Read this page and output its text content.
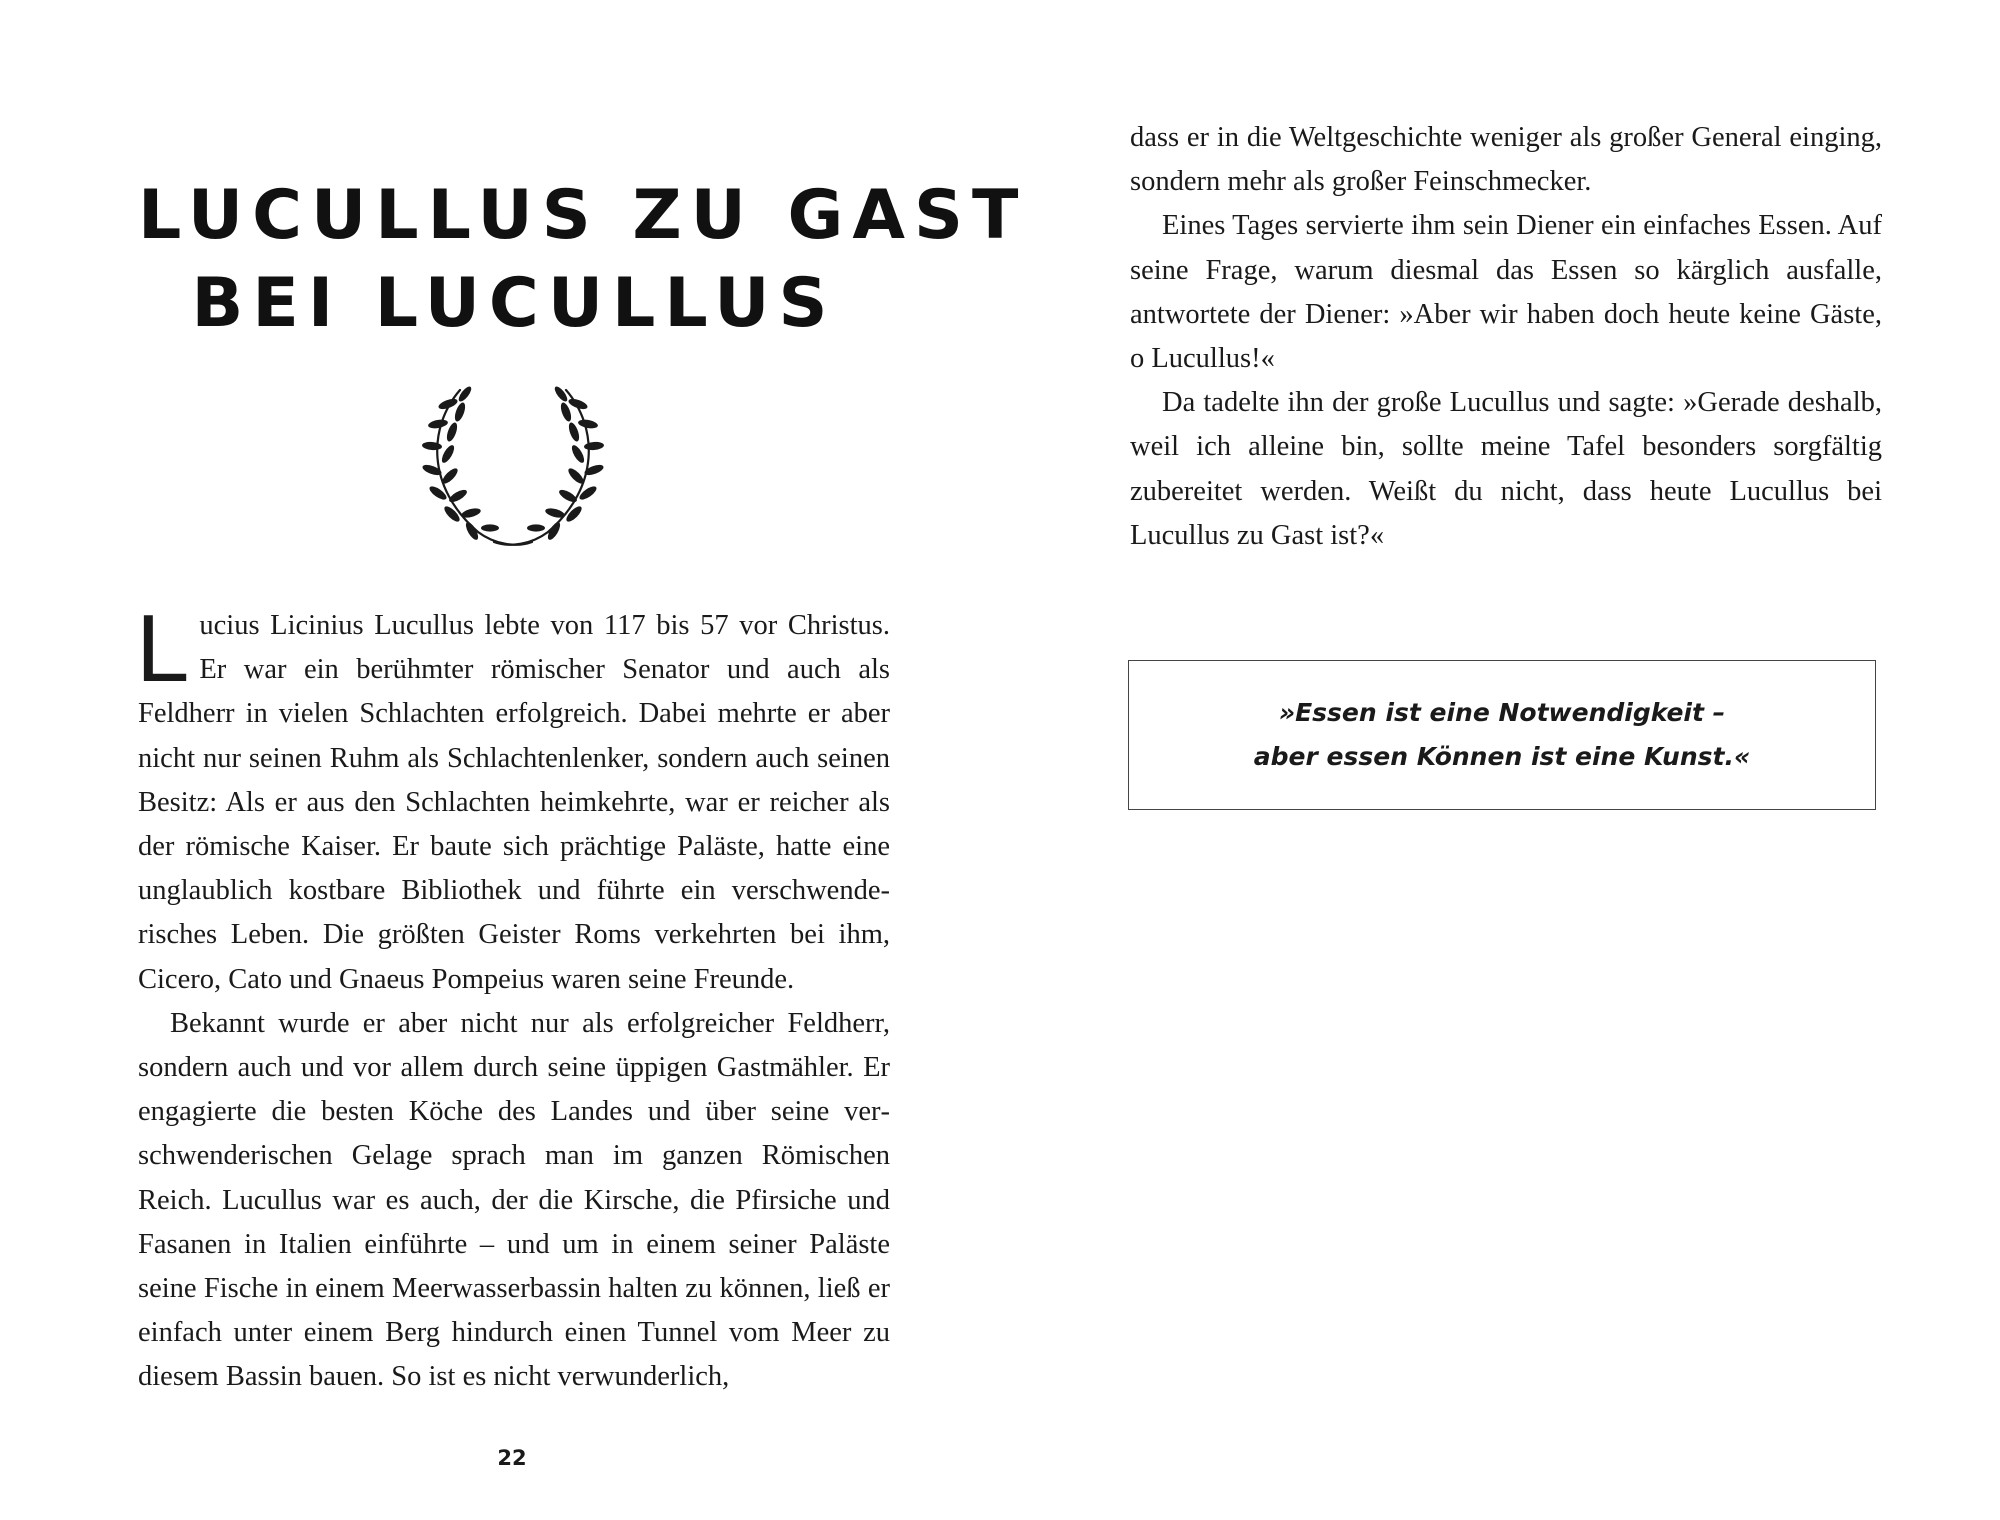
LUCULLUS ZU GAST
BEI LUCULLUS

Lucius Licinius Lucullus lebte von 117 bis 57 vor Christus. Er war ein berühmter römischer Senator und auch als Feldherr in vielen Schlachten erfolgreich. Dabei mehrte er aber nicht nur seinen Ruhm als Schlachtenlenker, sondern auch seinen Besitz: Als er aus den Schlachten heimkehrte, war er reicher als der römische Kaiser. Er baute sich prächtige Paläste, hatte eine unglaublich kostbare Bibliothek und führte ein verschwenderisches Leben. Die größten Geister Roms verkehrten bei ihm, Cicero, Cato und Gnaeus Pompeius waren seine Freunde.

Bekannt wurde er aber nicht nur als erfolgreicher Feldherr, sondern auch und vor allem durch seine üppigen Gastmähler. Er engagierte die besten Köche des Landes und über seine verschwenderischen Gelage sprach man im ganzen Römischen Reich. Lucullus war es auch, der die Kirsche, die Pfirsiche und Fasanen in Italien einführte – und um in einem seiner Paläste seine Fische in einem Meerwasserbassin halten zu können, ließ er einfach unter einem Berg hindurch einen Tunnel vom Meer zu diesem Bassin bauen. So ist es nicht verwunderlich,

22

dass er in die Weltgeschichte weniger als großer General einging, sondern mehr als großer Feinschmecker.

Eines Tages servierte ihm sein Diener ein einfaches Essen. Auf seine Frage, warum diesmal das Essen so kärglich ausfalle, antwortete der Diener: »Aber wir haben doch heute keine Gäste, o Lucullus!«

Da tadelte ihn der große Lucullus und sagte: »Gerade deshalb, weil ich alleine bin, sollte meine Tafel besonders sorgfältig zubereitet werden. Weißt du nicht, dass heute Lucullus bei Lucullus zu Gast ist?«

»Essen ist eine Notwendigkeit –
aber essen Können ist eine Kunst.«
